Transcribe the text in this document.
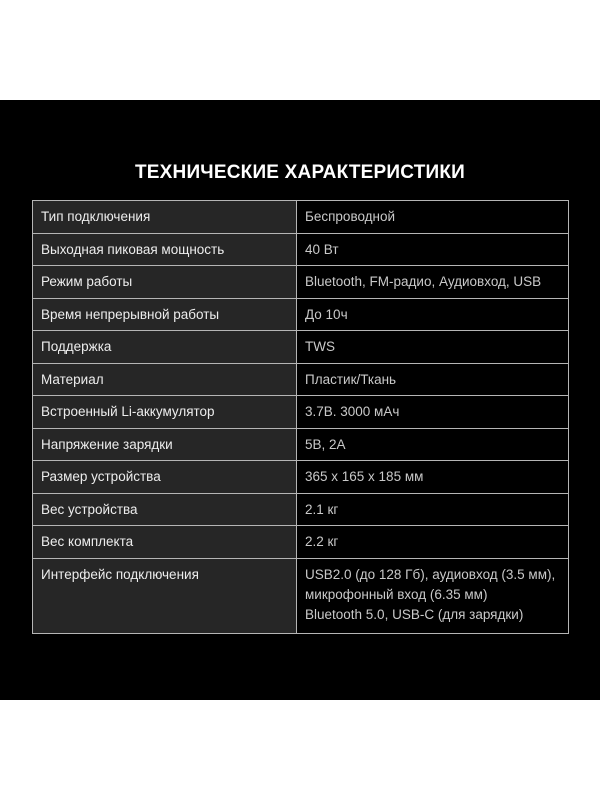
ТЕХНИЧЕСКИЕ ХАРАКТЕРИСТИКИ
Тип подключения	Беспроводной
Выходная пиковая мощность	40 Вт
Режим работы	Bluetooth, FM-радио, Аудиовход, USB
Время непрерывной работы	До 10ч
Поддержка	TWS
Материал	Пластик/Ткань
Встроенный Li-аккумулятор	3.7В. 3000 мАч
Напряжение зарядки	5В, 2А
Размер устройства	365 х 165 х 185 мм
Вес устройства	2.1 кг
Вес комплекта	2.2 кг
Интерфейс подключения	USB2.0 (до 128 Гб), аудиовход (3.5 мм),
микрофонный вход (6.35 мм)
Bluetooth 5.0, USB-C (для зарядки)
